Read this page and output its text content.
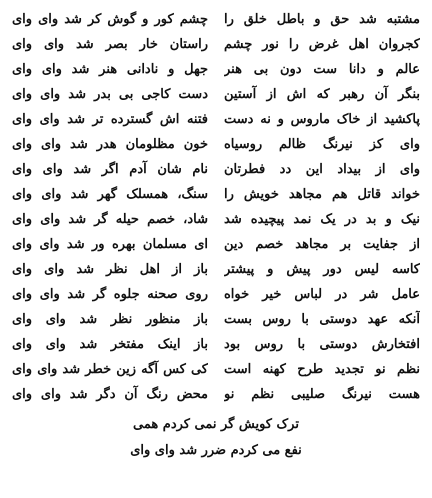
مشتبه شد حق و باطل خلق را
چشم کور و گوش کر شد وای وای
کجروان اهل غرض را نور چشم
راستان خار بصر شد وای وای
عالم و دانا ست دون بی هنر
جهل و نادانی هنر شد وای وای
بنگر آن رهبر که اش از آستین
دست کاجی بی بدر شد وای وای
پاکشید از خاک ماروس و نه دست
فتنه اش گسترده تر شد وای وای
وای کز نیرنگ ظالم روسیاه
خون مظلومان هدر شد وای وای
وای از بیداد این دد فطرتان
نام شان آدم اگر شد وای وای
خواند قاتل هم مجاهد خویش را
سنگ، همسلک گهر شد وای وای
نیک و بد در یک نمد پیچیده شد
شاد، خصم حیله گر شد وای وای
از جفایت بر مجاهد خصم دین
ای مسلمان بهره ور شد وای وای
کاسه لیس دور پیش و پیشتر
باز از اهل نظر شد وای وای
عامل شر در لباس خیر خواه
روی صحنه جلوه گر شد وای وای
آنکه عهد دوستی با روس بست
باز منظور نظر شد وای وای
افتخارش دوستی با روس بود
باز اینک مفتخر شد وای وای
نظم نو تجدید طرح کهنه است
کی کس آگه زین خطر شد وای وای
هست نیرنگ صلیبی نظم نو
محض رنگ آن دگر شد وای وای
ترک کویش گر نمی کردم همی
نفع می کردم ضرر شد وای وای
